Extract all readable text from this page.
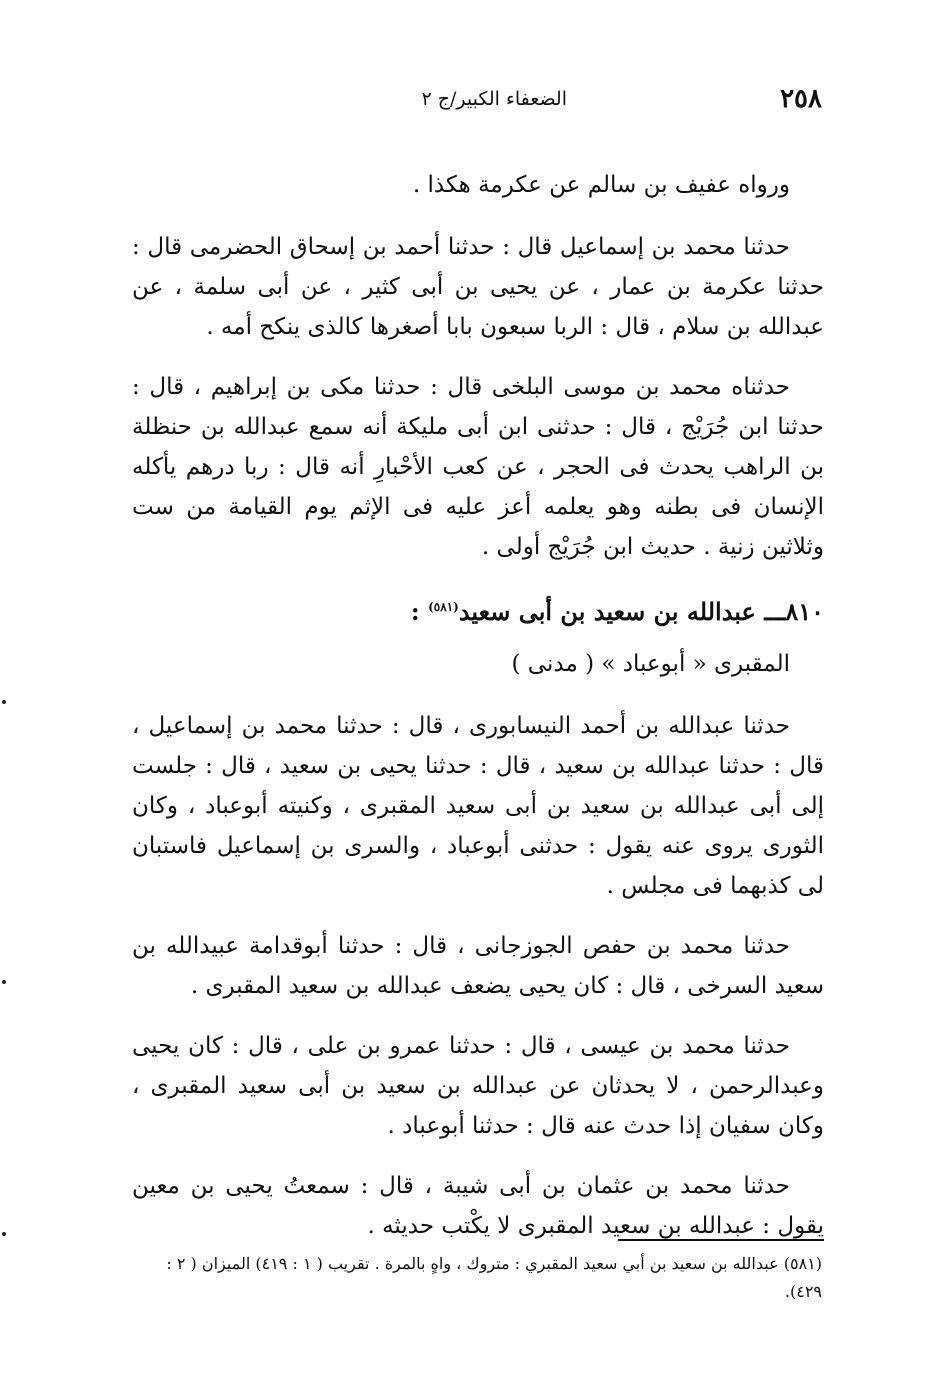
٢٥٨
الضعفاء الكبير/ج ٢

ورواه عفيف بن سالم عن عكرمة هكذا .

حدثنا محمد بن إسماعيل قال : حدثنا أحمد بن إسحاق الحضرمى قال : حدثنا عكرمة بن عمار ، عن يحيى بن أبى كثير ، عن أبى سلمة ، عن عبدالله بن سلام ، قال : الربا سبعون بابا أصغرها كالذى ينكح أمه .

حدثناه محمد بن موسى البلخى قال : حدثنا مكى بن إبراهيم ، قال : حدثنا ابن جُرَيْج ، قال : حدثنى ابن أبى مليكة أنه سمع عبدالله بن حنظلة بن الراهب يحدث فى الحجر ، عن كعب الأحْبارِ أنه قال : ربا درهم يأكله الإنسان فى بطنه وهو يعلمه أعز عليه فى الإثم يوم القيامة من ست وثلاثين زنية . حديث ابن جُرَيْج أولى .

٨١٠ـــ عبدالله بن سعيد بن أبى سعيد$^{(٥٨١)}$ :

المقبرى « أبوعباد » ( مدنى )

حدثنا عبدالله بن أحمد النيسابورى ، قال : حدثنا محمد بن إسماعيل ، قال : حدثنا عبدالله بن سعيد ، قال : حدثنا يحيى بن سعيد ، قال : جلست إلى أبى عبدالله بن سعيد بن أبى سعيد المقبرى ، وكنيته أبوعباد ، وكان الثورى يروى عنه يقول : حدثنى أبوعباد ، والسرى بن إسماعيل فاستبان لى كذبهما فى مجلس .

حدثنا محمد بن حفص الجوزجانى ، قال : حدثنا أبوقدامة عبيدالله بن سعيد السرخى ، قال : كان يحيى يضعف عبدالله بن سعيد المقبرى .

حدثنا محمد بن عيسى ، قال : حدثنا عمرو بن على ، قال : كان يحيى وعبدالرحمن ، لا يحدثان عن عبدالله بن سعيد بن أبى سعيد المقبرى ، وكان سفيان إذا حدث عنه قال : حدثنا أبوعباد .

حدثنا محمد بن عثمان بن أبى شيبة ، قال : سمعتُ يحيى بن معين يقول : عبدالله بن سعيد المقبرى لا يكْتب حديثه .

(٥٨١) عبدالله بن سعيد بن أبي سعيد المقبري : متروك ، واهٍ بالمرة . تقريب ( ١ : ٤١٩) الميزان ( ٢ : ٤٢٩).
